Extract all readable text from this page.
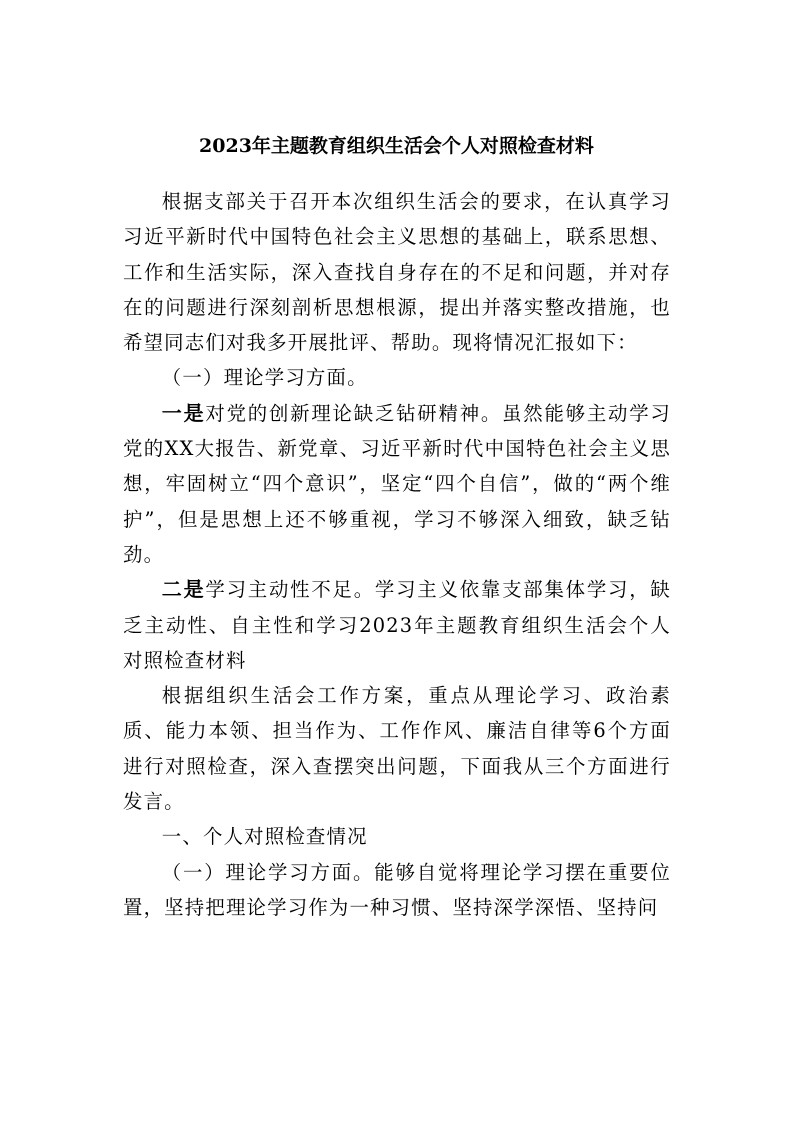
2023年主题教育组织生活会个人对照检查材料

根据支部关于召开本次组织生活会的要求，在认真学习习近平新时代中国特色社会主义思想的基础上，联系思想、工作和生活实际，深入查找自身存在的不足和问题，并对存在的问题进行深刻剖析思想根源，提出并落实整改措施，也希望同志们对我多开展批评、帮助。现将情况汇报如下：

（一）理论学习方面。

一是对党的创新理论缺乏钻研精神。虽然能够主动学习党的XX大报告、新党章、习近平新时代中国特色社会主义思想，牢固树立“四个意识”，坚定“四个自信”，做的“两个维护”，但是思想上还不够重视，学习不够深入细致，缺乏钻劲。

二是学习主动性不足。学习主义依靠支部集体学习，缺乏主动性、自主性和学习2023年主题教育组织生活会个人对照检查材料

根据组织生活会工作方案，重点从理论学习、政治素质、能力本领、担当作为、工作作风、廉洁自律等6个方面进行对照检查，深入查摆突出问题，下面我从三个方面进行发言。

一、个人对照检查情况

（一）理论学习方面。能够自觉将理论学习摆在重要位置，坚持把理论学习作为一种习惯、坚持深学深悟、坚持问
